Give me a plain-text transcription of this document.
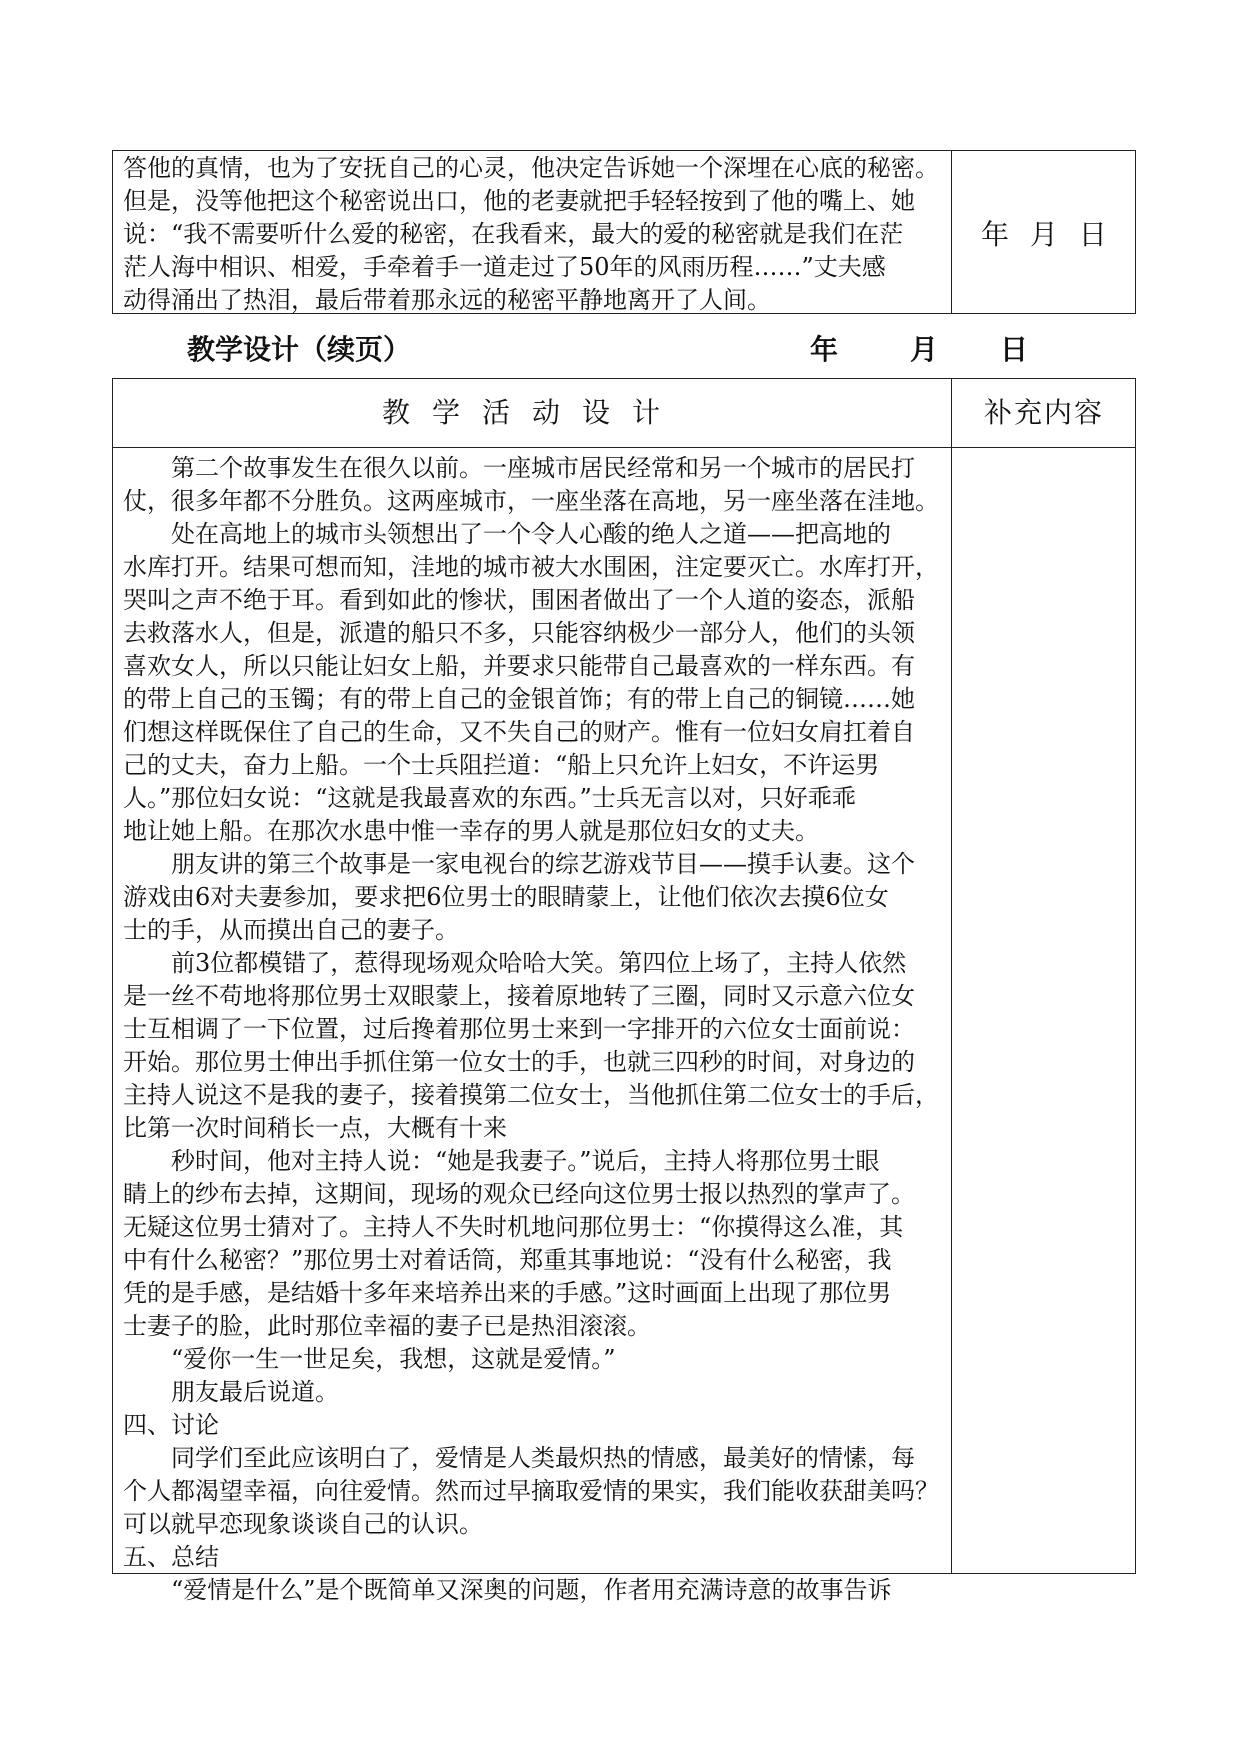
答他的真情，也为了安抚自己的心灵，他决定告诉她一个深埋在心底的秘密。

但是，没等他把这个秘密说出口，他的老妻就把手轻轻按到了他的嘴上、她

说：“我不需要听什么爱的秘密，在我看来，最大的爱的秘密就是我们在茫

茫人海中相识、相爱，手牵着手一道走过了50年的风雨历程……”丈夫感

动得涌出了热泪，最后带着那永远的秘密平静地离开了人间。

年 月 日
教学设计（续页）	年	月 日
教学活动设计	补充内容

第二个故事发生在很久以前。一座城市居民经常和另一个城市的居民打

仗，很多年都不分胜负。这两座城市，一座坐落在高地，另一座坐落在洼地。

处在高地上的城市头领想出了一个令人心酸的绝人之道——把高地的

水库打开。结果可想而知，洼地的城市被大水围困，注定要灭亡。水库打开，

哭叫之声不绝于耳。看到如此的惨状，围困者做出了一个人道的姿态，派船

去救落水人，但是，派遣的船只不多，只能容纳极少一部分人，他们的头领

喜欢女人，所以只能让妇女上船，并要求只能带自己最喜欢的一样东西。有

的带上自己的玉镯；有的带上自己的金银首饰；有的带上自己的铜镜……她

们想这样既保住了自己的生命，又不失自己的财产。惟有一位妇女肩扛着自

己的丈夫，奋力上船。一个士兵阻拦道：“船上只允许上妇女，不许运男

人。”那位妇女说：“这就是我最喜欢的东西。”士兵无言以对，只好乖乖

地让她上船。在那次水患中惟一幸存的男人就是那位妇女的丈夫。

朋友讲的第三个故事是一家电视台的综艺游戏节目——摸手认妻。这个

游戏由6对夫妻参加，要求把6位男士的眼睛蒙上，让他们依次去摸6位女

士的手，从而摸出自己的妻子。

前3位都模错了，惹得现场观众哈哈大笑。第四位上场了，主持人依然

是一丝不苟地将那位男士双眼蒙上，接着原地转了三圈，同时又示意六位女

士互相调了一下位置，过后搀着那位男士来到一字排开的六位女士面前说：

开始。那位男士伸出手抓住第一位女士的手，也就三四秒的时间，对身边的

主持人说这不是我的妻子，接着摸第二位女士，当他抓住第二位女士的手后，

比第一次时间稍长一点，大概有十来

秒时间，他对主持人说：“她是我妻子。”说后，主持人将那位男士眼

睛上的纱布去掉，这期间，现场的观众已经向这位男士报以热烈的掌声了。

无疑这位男士猜对了。主持人不失时机地问那位男士：“你摸得这么准，其

中有什么秘密？”那位男士对着话筒，郑重其事地说：“没有什么秘密，我

凭的是手感，是结婚十多年来培养出来的手感。”这时画面上出现了那位男

士妻子的脸，此时那位幸福的妻子已是热泪滚滚。

“爱你一生一世足矣，我想，这就是爱情。”

朋友最后说道。

四、讨论

同学们至此应该明白了，爱情是人类最炽热的情感，最美好的情愫，每

个人都渴望幸福，向往爱情。然而过早摘取爱情的果实，我们能收获甜美吗？

可以就早恋现象谈谈自己的认识。

五、总结

“爱情是什么”是个既简单又深奥的问题，作者用充满诗意的故事告诉
